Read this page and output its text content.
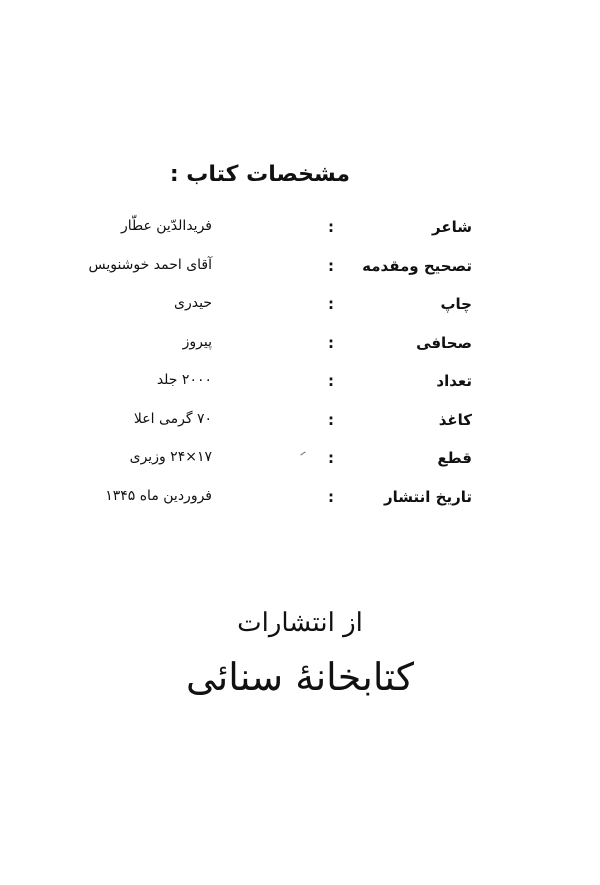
مشخصات کتاب :
شاعر
:
فریدالدّین عطّار
تصحیح ومقدمه
:
آقای احمد خوشنویس
چاپ
:
حیدری
صحافی
:
پیروز
تعداد
:
۲۰۰۰ جلد
کاغذ
:
۷۰ گرمی اعلا
قطع
:
۱۷×۲۴ وزیری
تاریخ انتشار
:
فروردین ماه ۱۳۴۵
از انتشارات
کتابخانهٔ سنائی
